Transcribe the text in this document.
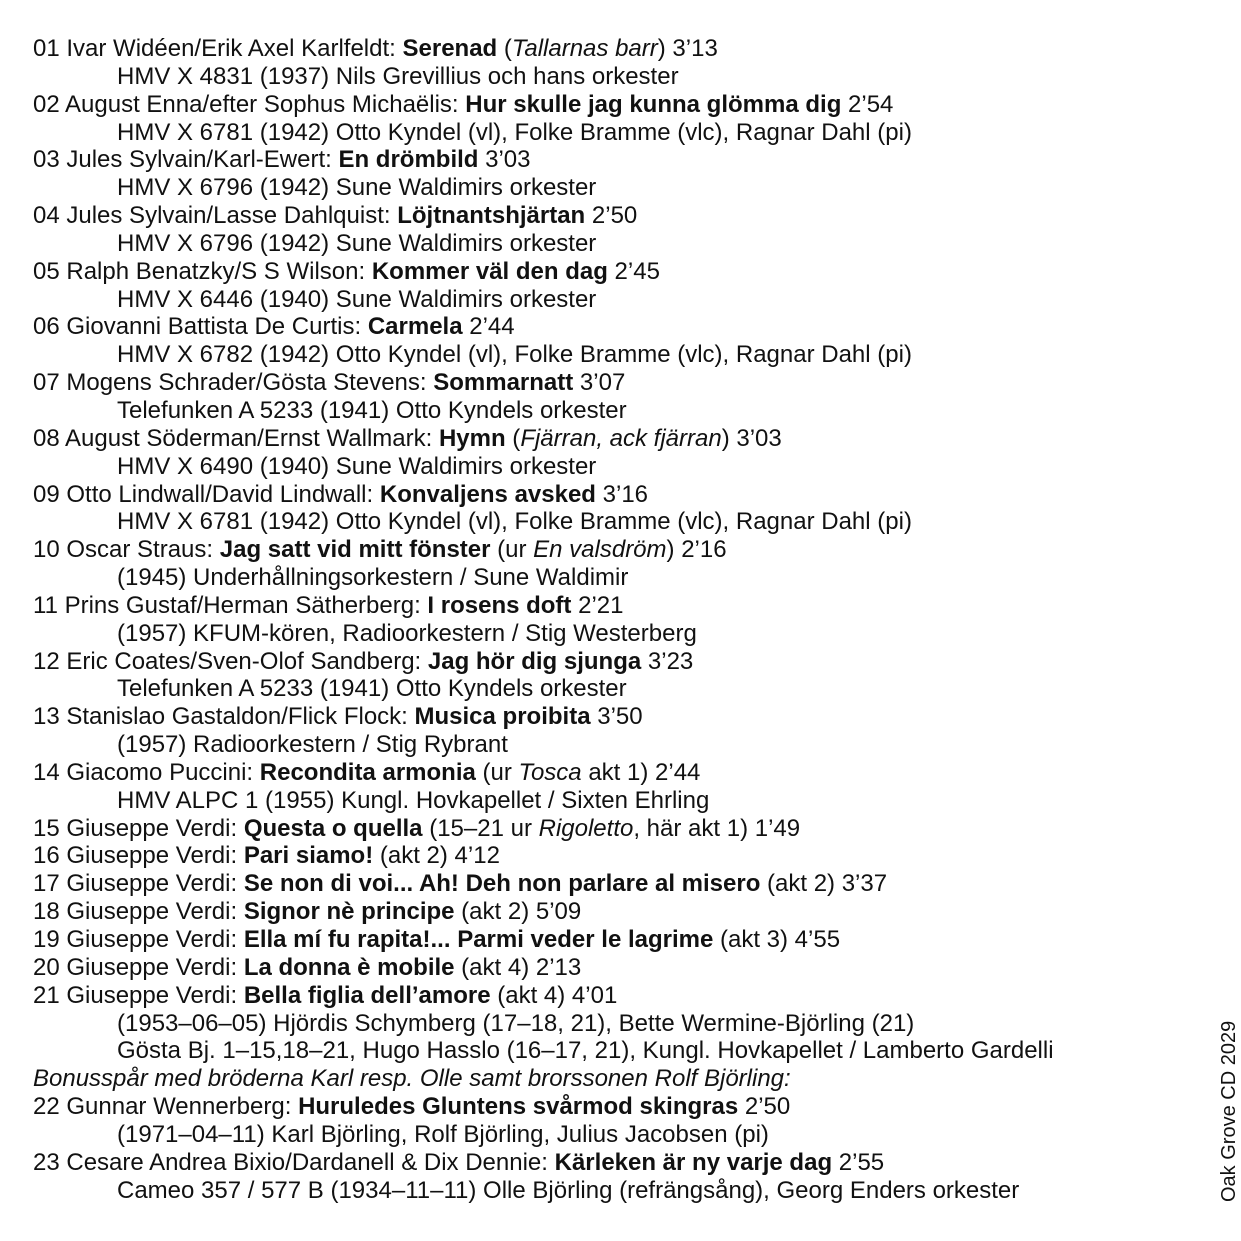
01 Ivar Widéen/Erik Axel Karlfeldt: Serenad (Tallarnas barr) 3’13
HMV X 4831 (1937) Nils Grevillius och hans orkester
02 August Enna/efter Sophus Michaëlis: Hur skulle jag kunna glömma dig 2’54
HMV X 6781 (1942) Otto Kyndel (vl), Folke Bramme (vlc), Ragnar Dahl (pi)
03 Jules Sylvain/Karl-Ewert: En drömbild 3’03
HMV X 6796 (1942) Sune Waldimirs orkester
04 Jules Sylvain/Lasse Dahlquist: Löjtnantshjärtan 2’50
HMV X 6796 (1942) Sune Waldimirs orkester
05 Ralph Benatzky/S S Wilson: Kommer väl den dag 2’45
HMV X 6446 (1940) Sune Waldimirs orkester
06 Giovanni Battista De Curtis: Carmela 2’44
HMV X 6782 (1942) Otto Kyndel (vl), Folke Bramme (vlc), Ragnar Dahl (pi)
07 Mogens Schrader/Gösta Stevens: Sommarnatt 3’07
Telefunken A 5233 (1941) Otto Kyndels orkester
08 August Söderman/Ernst Wallmark: Hymn (Fjärran, ack fjärran) 3’03
HMV X 6490 (1940) Sune Waldimirs orkester
09 Otto Lindwall/David Lindwall: Konvaljens avsked 3’16
HMV X 6781 (1942) Otto Kyndel (vl), Folke Bramme (vlc), Ragnar Dahl (pi)
10 Oscar Straus: Jag satt vid mitt fönster (ur En valsdröm) 2’16
(1945) Underhållningsorkestern / Sune Waldimir
11 Prins Gustaf/Herman Sätherberg: I rosens doft 2’21
(1957) KFUM-kören, Radioorkestern / Stig Westerberg
12 Eric Coates/Sven-Olof Sandberg: Jag hör dig sjunga 3’23
Telefunken A 5233 (1941) Otto Kyndels orkester
13 Stanislao Gastaldon/Flick Flock: Musica proibita 3’50
(1957) Radioorkestern / Stig Rybrant
14 Giacomo Puccini: Recondita armonia (ur Tosca akt 1) 2’44
HMV ALPC 1 (1955) Kungl. Hovkapellet / Sixten Ehrling
15 Giuseppe Verdi: Questa o quella (15–21 ur Rigoletto, här akt 1) 1’49
16 Giuseppe Verdi: Pari siamo! (akt 2) 4’12
17 Giuseppe Verdi: Se non di voi... Ah! Deh non parlare al misero (akt 2) 3’37
18 Giuseppe Verdi: Signor nè principe (akt 2) 5’09
19 Giuseppe Verdi: Ella mí fu rapita!... Parmi veder le lagrime (akt 3) 4’55
20 Giuseppe Verdi: La donna è mobile (akt 4) 2’13
21 Giuseppe Verdi: Bella figlia dell’amore (akt 4) 4’01
(1953–06–05) Hjördis Schymberg (17–18, 21), Bette Wermine-Björling (21)
Gösta Bj. 1–15,18–21, Hugo Hasslo (16–17, 21), Kungl. Hovkapellet / Lamberto Gardelli
Bonusspår med bröderna Karl resp. Olle samt brorssonen Rolf Björling:
22 Gunnar Wennerberg: Huruledes Gluntens svårmod skingras 2’50
(1971–04–11) Karl Björling, Rolf Björling, Julius Jacobsen (pi)
23 Cesare Andrea Bixio/Dardanell & Dix Dennie: Kärleken är ny varje dag 2’55
Cameo 357 / 577 B (1934–11–11) Olle Björling (refrängsång), Georg Enders orkester	Oak Grove CD 2029
